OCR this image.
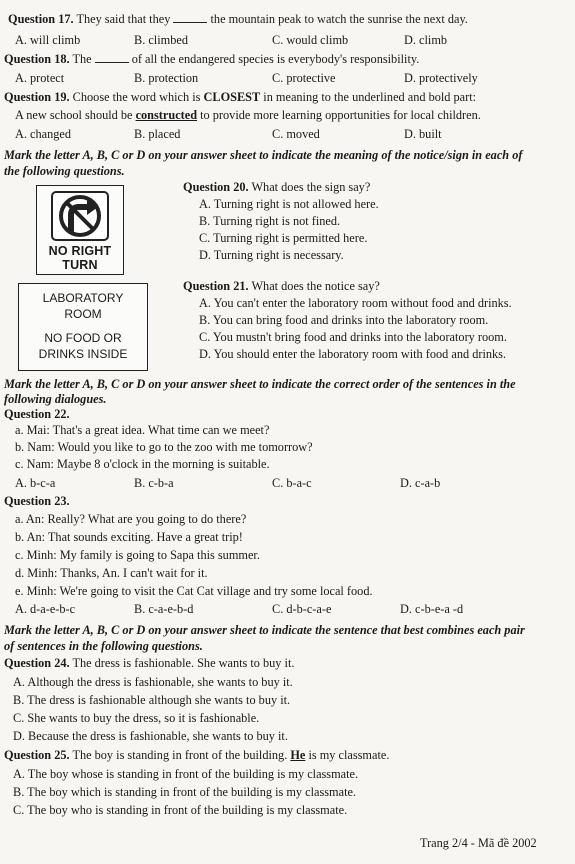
Question 17. They said that they	the mountain peak to watch the sunrise the next day.
A. will climb	B. climbed	C. would climb	D. climb
Question 18. The	of all the endangered species is everybody's responsibility.
A. protect	B. protection	C. protective	D. protectively
Question 19. Choose the word which is CLOSEST in meaning to the underlined and bold part:
A new school should be constructed to provide more learning opportunities for local children.
A. changed	B. placed	C. moved	D. built
Mark the letter A, B, C or D on your answer sheet to indicate the meaning of the notice/sign in each of
the following questions.
NO RIGHT
TURN
Question 20. What does the sign say?
A. Turning right is not allowed here.
B. Turning right is not fined.
C. Turning right is permitted here.
D. Turning right is necessary.
LABORATORY
ROOM
NO FOOD OR
DRINKS INSIDE
Question 21. What does the notice say?
A. You can't enter the laboratory room without food and drinks.
B. You can bring food and drinks into the laboratory room.
C. You mustn't bring food and drinks into the laboratory room.
D. You should enter the laboratory room with food and drinks.
Mark the letter A, B, C or D on your answer sheet to indicate the correct order of the sentences in the
following dialogues.
Question 22.
a. Mai: That's a great idea. What time can we meet?
b. Nam: Would you like to go to the zoo with me tomorrow?
c. Nam: Maybe 8 o'clock in the morning is suitable.
A. b-c-a	B. c-b-a	C. b-a-c	D. c-a-b
Question 23.
a. An: Really? What are you going to do there?
b. An: That sounds exciting. Have a great trip!
c. Minh: My family is going to Sapa this summer.
d. Minh: Thanks, An. I can't wait for it.
e. Minh: We're going to visit the Cat Cat village and try some local food.
A. d-a-e-b-c	B. c-a-e-b-d	C. d-b-c-a-e	D. c-b-e-a -d
Mark the letter A, B, C or D on your answer sheet to indicate the sentence that best combines each pair
of sentences in the following questions.
Question 24. The dress is fashionable. She wants to buy it.
A. Although the dress is fashionable, she wants to buy it.
B. The dress is fashionable although she wants to buy it.
C. She wants to buy the dress, so it is fashionable.
D. Because the dress is fashionable, she wants to buy it.
Question 25. The boy is standing in front of the building. He is my classmate.
A. The boy whose is standing in front of the building is my classmate.
B. The boy which is standing in front of the building is my classmate.
C. The boy who is standing in front of the building is my classmate.
Trang 2/4 - Mã đề 2002
